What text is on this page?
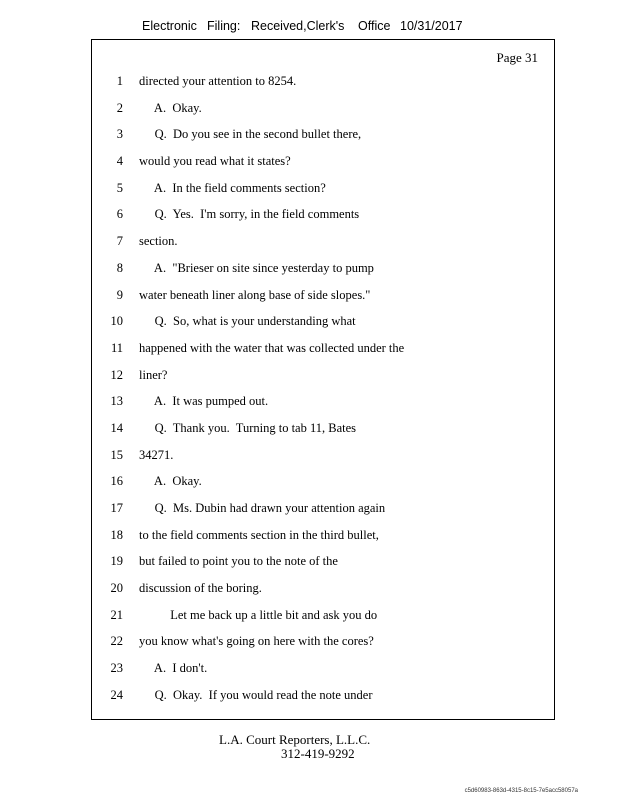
Electronic Filing: Received,Clerk's Office 10/31/2017
Page 31
1 directed your attention to 8254.
2 A.  Okay.
3 Q.  Do you see in the second bullet there,
4 would you read what it states?
5 A.  In the field comments section?
6 Q.  Yes.  I'm sorry, in the field comments
7 section.
8 A.  "Brieser on site since yesterday to pump
9 water beneath liner along base of side slopes."
10 Q.  So, what is your understanding what
11 happened with the water that was collected under the
12 liner?
13 A.  It was pumped out.
14 Q.  Thank you.  Turning to tab 11, Bates
15 34271.
16 A.  Okay.
17 Q.  Ms. Dubin had drawn your attention again
18 to the field comments section in the third bullet,
19 but failed to point you to the note of the
20 discussion of the boring.
21 Let me back up a little bit and ask you do
22 you know what's going on here with the cores?
23 A.  I don't.
24 Q.  Okay.  If you would read the note under
L.A. Court Reporters, L.L.C.
312-419-9292
c5d60983-863d-4315-8c15-7e5acc58057a
